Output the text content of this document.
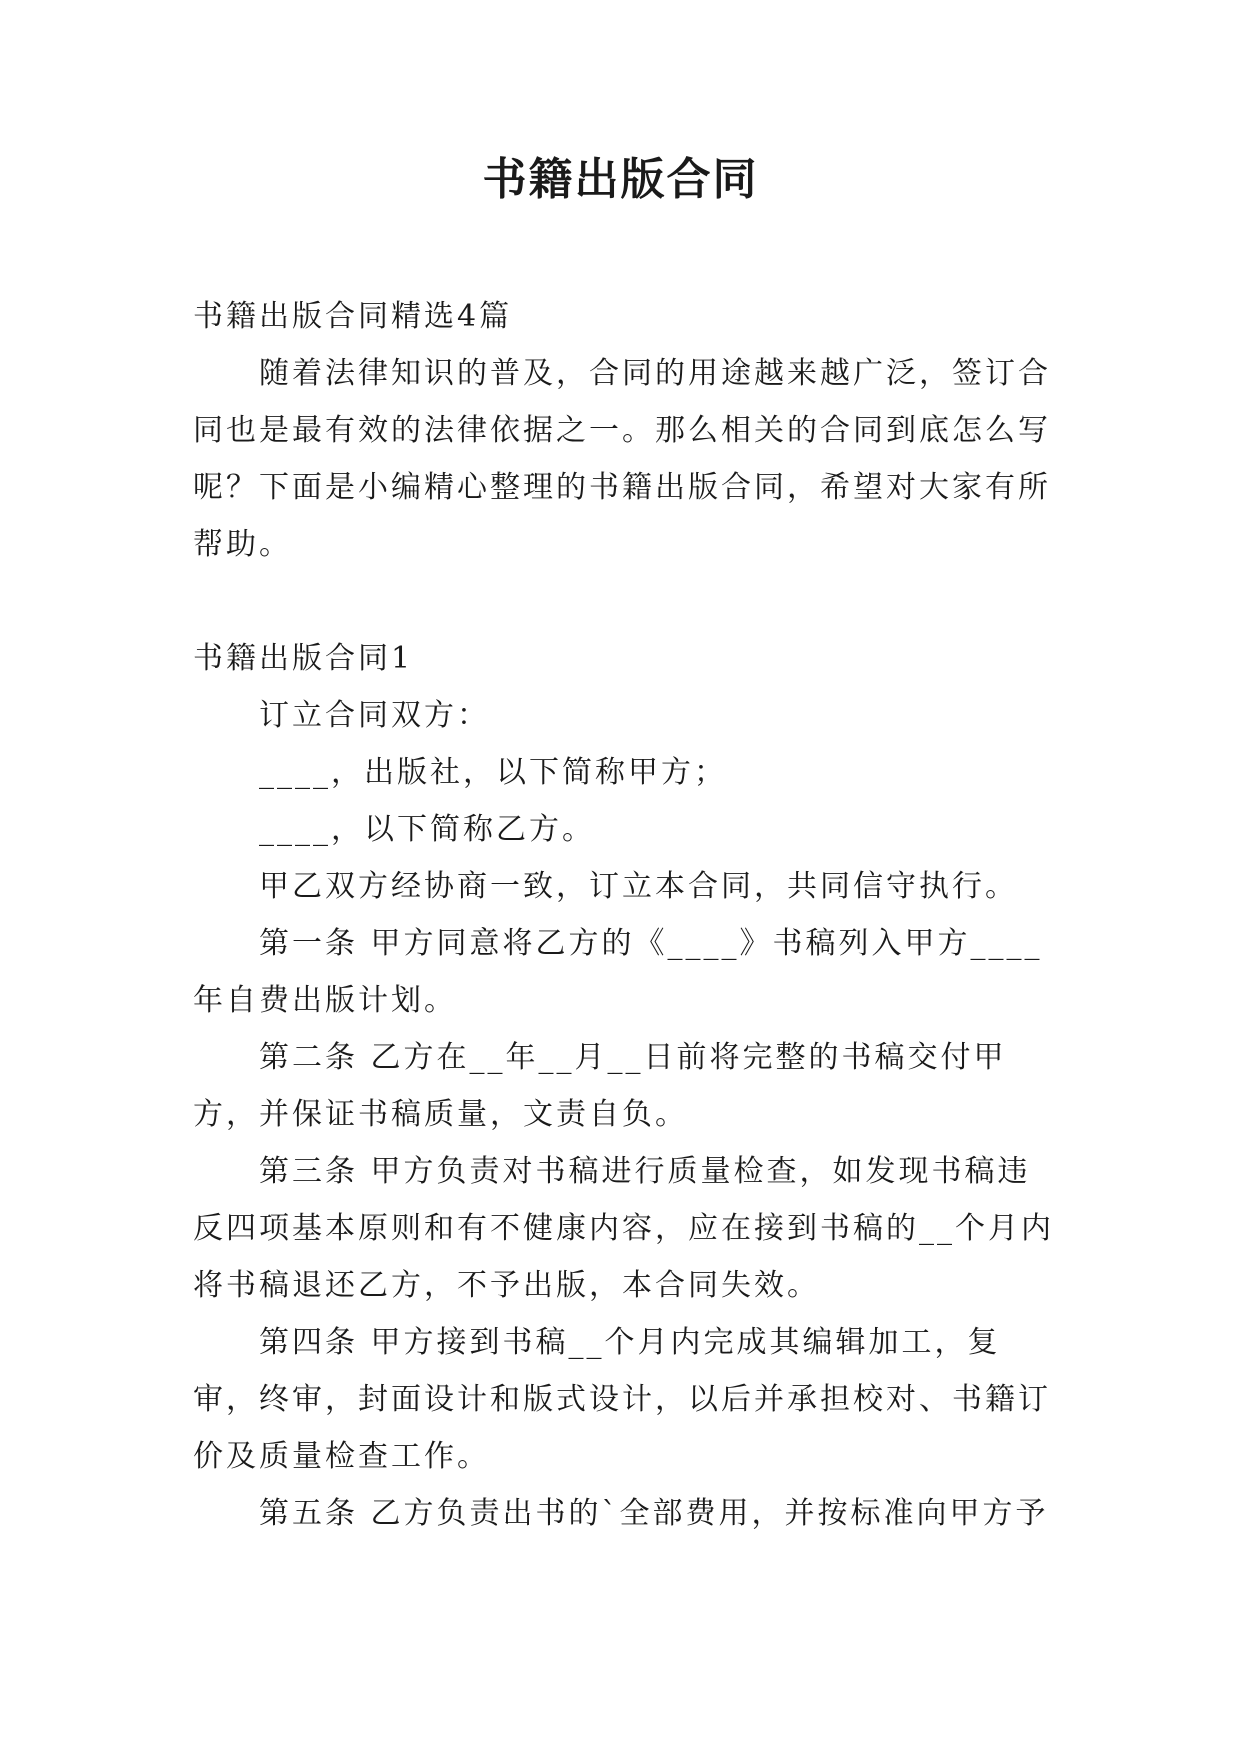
书籍出版合同

书籍出版合同精选4篇

随着法律知识的普及，合同的用途越来越广泛，签订合同也是最有效的法律依据之一。那么相关的合同到底怎么写呢？下面是小编精心整理的书籍出版合同，希望对大家有所帮助。

书籍出版合同1

订立合同双方：

____，出版社，以下简称甲方；

____，以下简称乙方。

甲乙双方经协商一致，订立本合同，共同信守执行。

第一条 甲方同意将乙方的《____》书稿列入甲方____年自费出版计划。

第二条 乙方在__年__月__日前将完整的书稿交付甲方，并保证书稿质量，文责自负。

第三条 甲方负责对书稿进行质量检查，如发现书稿违反四项基本原则和有不健康内容，应在接到书稿的__个月内将书稿退还乙方，不予出版，本合同失效。

第四条 甲方接到书稿__个月内完成其编辑加工，复审，终审，封面设计和版式设计，以后并承担校对、书籍订价及质量检查工作。

第五条 乙方负责出书的`全部费用，并按标准向甲方予
